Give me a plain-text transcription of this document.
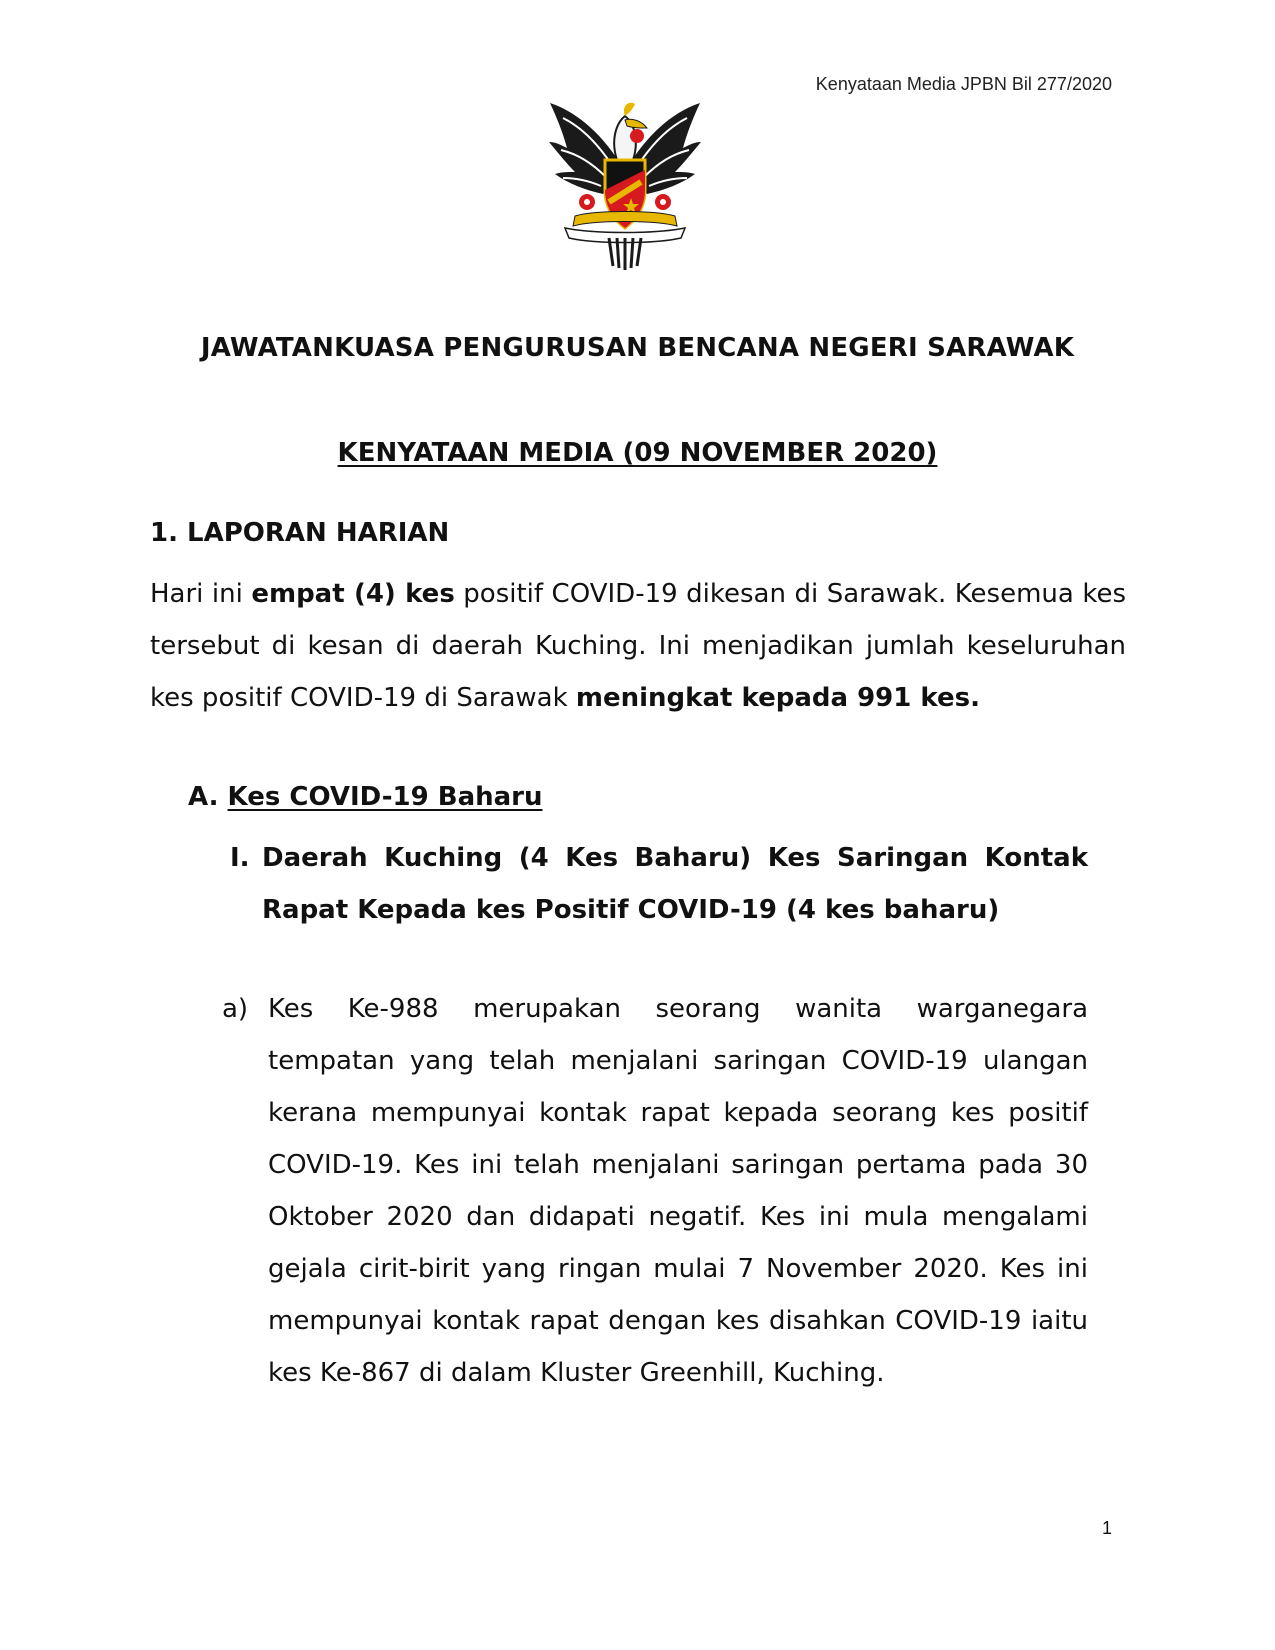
Kenyataan Media JPBN Bil 277/2020
JAWATANKUASA PENGURUSAN BENCANA NEGERI SARAWAK
KENYATAAN MEDIA (09 NOVEMBER 2020)
1. LAPORAN HARIAN
Hari ini empat (4) kes positif COVID-19 dikesan di Sarawak. Kesemua kes tersebut di kesan di daerah Kuching. Ini menjadikan jumlah keseluruhan kes positif COVID-19 di Sarawak meningkat kepada 991 kes.
A. Kes COVID-19 Baharu
I. Daerah Kuching (4 Kes Baharu) Kes Saringan Kontak Rapat Kepada kes Positif COVID-19 (4 kes baharu)
a) Kes Ke-988 merupakan seorang wanita warganegara tempatan yang telah menjalani saringan COVID-19 ulangan kerana mempunyai kontak rapat kepada seorang kes positif COVID-19. Kes ini telah menjalani saringan pertama pada 30 Oktober 2020 dan didapati negatif. Kes ini mula mengalami gejala cirit-birit yang ringan mulai 7 November 2020. Kes ini mempunyai kontak rapat dengan kes disahkan COVID-19 iaitu kes Ke-867 di dalam Kluster Greenhill, Kuching.
1
